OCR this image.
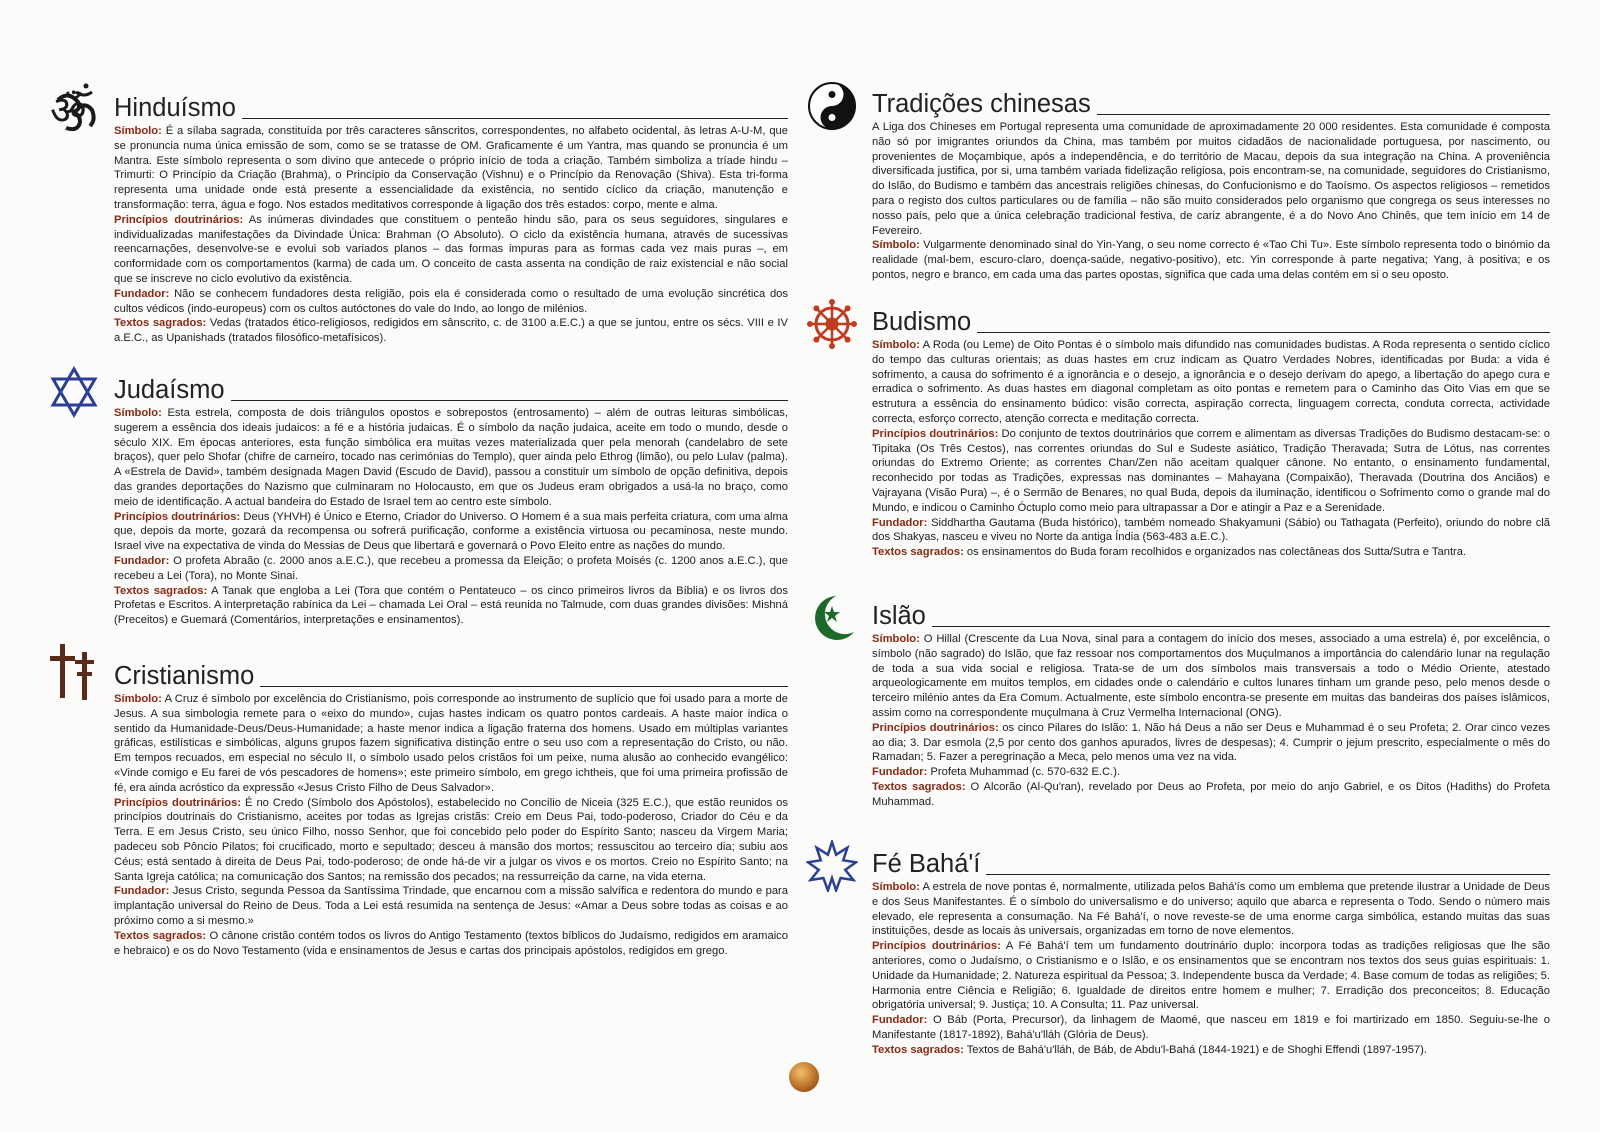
ॐ Hinduísmo

Símbolo: É a sílaba sagrada, constituída por três caracteres sânscritos, correspondentes, no alfabeto ocidental, às letras A-U-M, que se pronuncia numa única emissão de som, como se se tratasse de OM. Graficamente é um Yantra, mas quando se pronuncia é um Mantra. Este símbolo representa o som divino que antecede o próprio início de toda a criação. Também simboliza a tríade hindu – Trimurti: O Princípio da Criação (Brahma), o Princípio da Conservação (Vishnu) e o Princípio da Renovação (Shiva). Esta tri-forma representa uma unidade onde está presente a essencialidade da existência, no sentido cíclico da criação, manutenção e transformação: terra, água e fogo. Nos estados meditativos corresponde à ligação dos três estados: corpo, mente e alma.

Princípios doutrinários: As inúmeras divindades que constituem o penteão hindu são, para os seus seguidores, singulares e individualizadas manifestações da Divindade Única: Brahman (O Absoluto). O ciclo da existência humana, através de sucessivas reencarnações, desenvolve-se e evolui sob variados planos – das formas impuras para as formas cada vez mais puras –, em conformidade com os comportamentos (karma) de cada um. O conceito de casta assenta na condição de raiz existencial e não social que se inscreve no ciclo evolutivo da existência.

Fundador: Não se conhecem fundadores desta religião, pois ela é considerada como o resultado de uma evolução sincrética dos cultos védicos (indo-europeus) com os cultos autóctones do vale do Indo, ao longo de milénios.

Textos sagrados: Vedas (tratados ético-religiosos, redigidos em sânscrito, c. de 3100 a.E.C.) a que se juntou, entre os sécs. VIII e IV a.E.C., as Upanishads (tratados filosófico-metafísicos).

Judaísmo

Símbolo: Esta estrela, composta de dois triângulos opostos e sobrepostos (entrosamento) – além de outras leituras simbólicas, sugerem a essência dos ideais judaicos: a fé e a história judaicas. É o símbolo da nação judaica, aceite em todo o mundo, desde o século XIX. Em épocas anteriores, esta função simbólica era muitas vezes materializada quer pela menorah (candelabro de sete braços), quer pelo Shofar (chifre de carneiro, tocado nas cerimónias do Templo), quer ainda pelo Ethrog (limão), ou pelo Lulav (palma). A «Estrela de David», também designada Magen David (Escudo de David), passou a constituir um símbolo de opção definitiva, depois das grandes deportações do Nazismo que culminaram no Holocausto, em que os Judeus eram obrigados a usá-la no braço, como meio de identificação. A actual bandeira do Estado de Israel tem ao centro este símbolo.

Princípios doutrinários: Deus (YHVH) é Único e Eterno, Criador do Universo. O Homem é a sua mais perfeita criatura, com uma alma que, depois da morte, gozará da recompensa ou sofrerá purificação, conforme a existência virtuosa ou pecaminosa, neste mundo. Israel vive na expectativa de vinda do Messias de Deus que libertará e governará o Povo Eleito entre as nações do mundo.

Fundador: O profeta Abraão (c. 2000 anos a.E.C.), que recebeu a promessa da Eleição; o profeta Moisés (c. 1200 anos a.E.C.), que recebeu a Lei (Tora), no Monte Sinai.

Textos sagrados: A Tanak que engloba a Lei (Tora que contém o Pentateuco – os cinco primeiros livros da Bíblia) e os livros dos Profetas e Escritos. A interpretação rabínica da Lei – chamada Lei Oral – está reunida no Talmude, com duas grandes divisões: Mishná (Preceitos) e Guemará (Comentários, interpretações e ensinamentos).

Cristianismo

Símbolo: A Cruz é símbolo por excelência do Cristianismo, pois corresponde ao instrumento de suplício que foi usado para a morte de Jesus. A sua simbologia remete para o «eixo do mundo», cujas hastes indicam os quatro pontos cardeais. A haste maior indica o sentido da Humanidade-Deus/Deus-Humanidade; a haste menor indica a ligação fraterna dos homens. Usado em múltiplas variantes gráficas, estilísticas e simbólicas, alguns grupos fazem significativa distinção entre o seu uso com a representação do Cristo, ou não. Em tempos recuados, em especial no século II, o símbolo usado pelos cristãos foi um peixe, numa alusão ao conhecido evangélico: «Vinde comigo e Eu farei de vós pescadores de homens»; este primeiro símbolo, em grego ichtheis, que foi uma primeira profissão de fé, era ainda acróstico da expressão «Jesus Cristo Filho de Deus Salvador».

Princípios doutrinários: É no Credo (Símbolo dos Apóstolos), estabelecido no Concílio de Niceia (325 E.C.), que estão reunidos os princípios doutrinais do Cristianismo, aceites por todas as Igrejas cristãs: Creio em Deus Pai, todo-poderoso, Criador do Céu e da Terra. E em Jesus Cristo, seu único Filho, nosso Senhor, que foi concebido pelo poder do Espírito Santo; nasceu da Virgem Maria; padeceu sob Pôncio Pilatos; foi crucificado, morto e sepultado; desceu à mansão dos mortos; ressuscitou ao terceiro dia; subiu aos Céus; está sentado à direita de Deus Pai, todo-poderoso; de onde há-de vir a julgar os vivos e os mortos. Creio no Espírito Santo; na Santa Igreja católica; na comunicação dos Santos; na remissão dos pecados; na ressurreição da carne, na vida eterna.

Fundador: Jesus Cristo, segunda Pessoa da Santíssima Trindade, que encarnou com a missão salvífica e redentora do mundo e para implantação universal do Reino de Deus. Toda a Lei está resumida na sentença de Jesus: «Amar a Deus sobre todas as coisas e ao próximo como a si mesmo.»

Textos sagrados: O cânone cristão contém todos os livros do Antigo Testamento (textos bíblicos do Judaísmo, redigidos em aramaico e hebraico) e os do Novo Testamento (vida e ensinamentos de Jesus e cartas dos principais apóstolos, redigidos em grego.

Tradições chinesas

A Liga dos Chineses em Portugal representa uma comunidade de aproximadamente 20 000 residentes. Esta comunidade é composta não só por imigrantes oriundos da China, mas também por muitos cidadãos de nacionalidade portuguesa, por nascimento, ou provenientes de Moçambique, após a independência, e do território de Macau, depois da sua integração na China. A proveniência diversificada justifica, por si, uma também variada fidelização religiosa, pois encontram-se, na comunidade, seguidores do Cristianismo, do Islão, do Budismo e também das ancestrais religiões chinesas, do Confucionismo e do Taoísmo. Os aspectos religiosos – remetidos para o registo dos cultos particulares ou de família – não são muito considerados pelo organismo que congrega os seus interesses no nosso país, pelo que a única celebração tradicional festiva, de cariz abrangente, é a do Novo Ano Chinês, que tem início em 14 de Fevereiro.

Símbolo: Vulgarmente denominado sinal do Yin-Yang, o seu nome correcto é «Tao Chi Tu». Este símbolo representa todo o binómio da realidade (mal-bem, escuro-claro, doença-saúde, negativo-positivo), etc. Yin corresponde à parte negativa; Yang, à positiva; e os pontos, negro e branco, em cada uma das partes opostas, significa que cada uma delas contém em si o seu oposto.

Budismo

Símbolo: A Roda (ou Leme) de Oito Pontas é o símbolo mais difundido nas comunidades budistas. A Roda representa o sentido cíclico do tempo das culturas orientais; as duas hastes em cruz indicam as Quatro Verdades Nobres, identificadas por Buda: a vida é sofrimento, a causa do sofrimento é a ignorância e o desejo, a ignorância e o desejo derivam do apego, a libertação do apego cura e erradica o sofrimento. As duas hastes em diagonal completam as oito pontas e remetem para o Caminho das Oito Vias em que se estrutura a essência do ensinamento búdico: visão correcta, aspiração correcta, linguagem correcta, conduta correcta, actividade correcta, esforço correcto, atenção correcta e meditação correcta.

Princípios doutrinários: Do conjunto de textos doutrinários que correm e alimentam as diversas Tradições do Budismo destacam-se: o Tipitaka (Os Três Cestos), nas correntes oriundas do Sul e Sudeste asiático, Tradição Theravada; Sutra de Lótus, nas correntes oriundas do Extremo Oriente; as correntes Chan/Zen não aceitam qualquer cânone. No entanto, o ensinamento fundamental, reconhecido por todas as Tradições, expressas nas dominantes – Mahayana (Compaixão), Theravada (Doutrina dos Anciãos) e Vajrayana (Visão Pura) –, é o Sermão de Benares, no qual Buda, depois da iluminação, identificou o Sofrimento como o grande mal do Mundo, e indicou o Caminho Óctuplo como meio para ultrapassar a Dor e atingir a Paz e a Serenidade.

Fundador: Siddhartha Gautama (Buda histórico), também nomeado Shakyamuni (Sábio) ou Tathagata (Perfeito), oriundo do nobre clã dos Shakyas, nasceu e viveu no Norte da antiga Índia (563-483 a.E.C.).

Textos sagrados: os ensinamentos do Buda foram recolhidos e organizados nas colectâneas dos Sutta/Sutra e Tantra.

Islão

Símbolo: O Hillal (Crescente da Lua Nova, sinal para a contagem do início dos meses, associado a uma estrela) é, por excelência, o símbolo (não sagrado) do Islão, que faz ressoar nos comportamentos dos Muçulmanos a importância do calendário lunar na regulação de toda a sua vida social e religiosa. Trata-se de um dos símbolos mais transversais a todo o Médio Oriente, atestado arqueologicamente em muitos templos, em cidades onde o calendário e cultos lunares tinham um grande peso, pelo menos desde o terceiro milénio antes da Era Comum. Actualmente, este símbolo encontra-se presente em muitas das bandeiras dos países islâmicos, assim como na correspondente muçulmana à Cruz Vermelha Internacional (ONG).

Princípios doutrinários: os cinco Pilares do Islão: 1. Não há Deus a não ser Deus e Muhammad é o seu Profeta; 2. Orar cinco vezes ao dia; 3. Dar esmola (2,5 por cento dos ganhos apurados, livres de despesas); 4. Cumprir o jejum prescrito, especialmente o mês do Ramadan; 5. Fazer a peregrinação a Meca, pelo menos uma vez na vida.

Fundador: Profeta Muhammad (c. 570-632 E.C.).

Textos sagrados: O Alcorão (Al-Qu'ran), revelado por Deus ao Profeta, por meio do anjo Gabriel, e os Ditos (Hadiths) do Profeta Muhammad.

Fé Bahá'í

Símbolo: A estrela de nove pontas é, normalmente, utilizada pelos Bahá'ís como um emblema que pretende ilustrar a Unidade de Deus e dos Seus Manifestantes. É o símbolo do universalismo e do universo; aquilo que abarca e representa o Todo. Sendo o número mais elevado, ele representa a consumação. Na Fé Bahá'í, o nove reveste-se de uma enorme carga simbólica, estando muitas das suas instituições, desde as locais às universais, organizadas em torno de nove elementos.

Princípios doutrinários: A Fé Bahá'í tem um fundamento doutrinário duplo: incorpora todas as tradições religiosas que lhe são anteriores, como o Judaísmo, o Cristianismo e o Islão, e os ensinamentos que se encontram nos textos dos seus guias espirituais: 1. Unidade da Humanidade; 2. Natureza espiritual da Pessoa; 3. Independente busca da Verdade; 4. Base comum de todas as religiões; 5. Harmonia entre Ciência e Religião; 6. Igualdade de direitos entre homem e mulher; 7. Erradição dos preconceitos; 8. Educação obrigatória universal; 9. Justiça; 10. A Consulta; 11. Paz universal.

Fundador: O Báb (Porta, Precursor), da linhagem de Maomé, que nasceu em 1819 e foi martirizado em 1850. Seguiu-se-lhe o Manifestante (1817-1892), Bahá'u'lláh (Glória de Deus).

Textos sagrados: Textos de Bahá'u'lláh, de Báb, de Abdu'l-Bahá (1844-1921) e de Shoghi Effendi (1897-1957).
